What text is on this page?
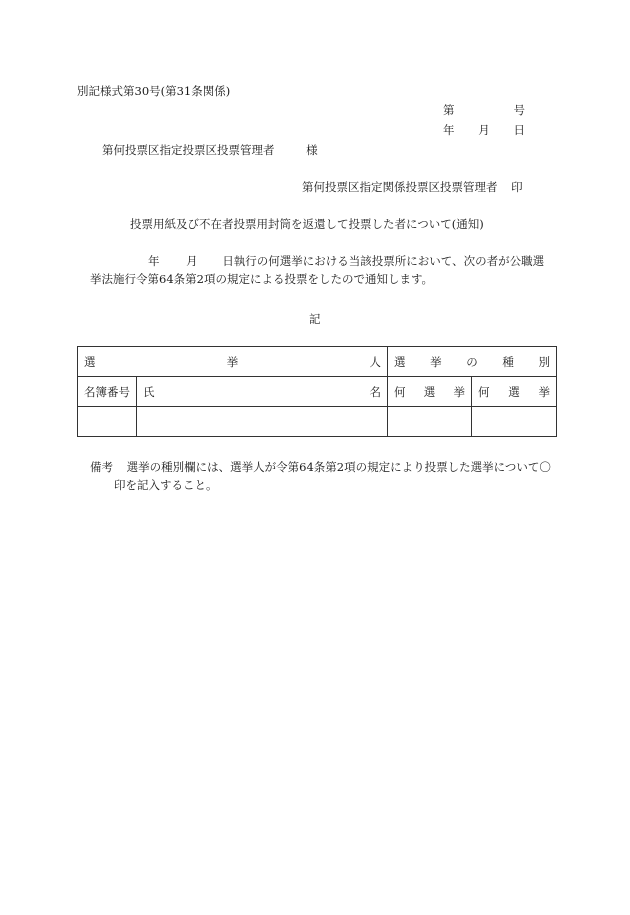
別記様式第30号(第31条関係)
第	号
年 月 日
第何投票区指定投票区投票管理者	様
第何投票区指定関係投票区投票管理者 印
投票用紙及び不在者投票用封筒を返還して投票した者について(通知)
年 月 日執行の何選挙における当該投票所において、次の者が公職選
挙法施行令第64条第2項の規定による投票をしたので通知します。
記
選 挙 人		選 挙 の 種 別	

名簿番号	氏 名	何 選 挙	何 選 挙

備考 選挙の種別欄には、選挙人が令第64条第2項の規定により投票した選挙について〇
印を記入すること。
